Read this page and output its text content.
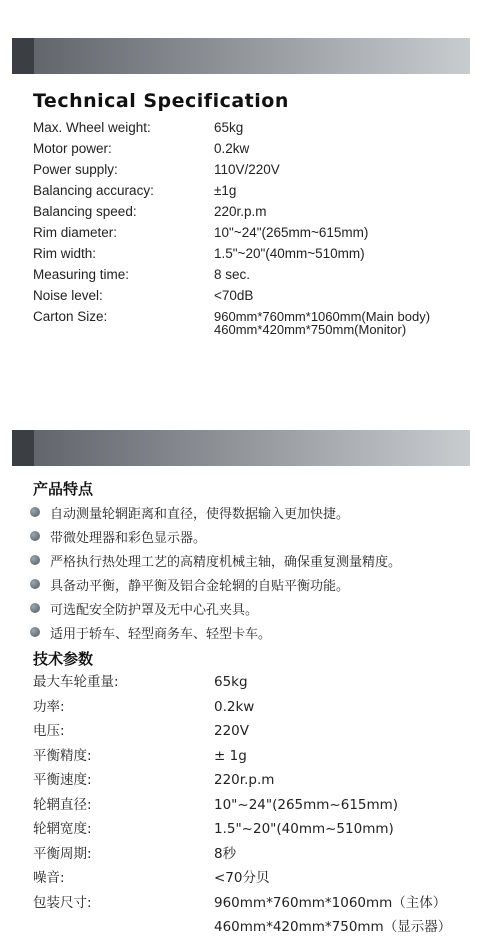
Technical Specification
Max. Wheel weight:	65kg
Motor power:	0.2kw
Power supply:	110V/220V
Balancing accuracy:	±1g
Balancing speed:	220r.p.m
Rim diameter:	10"~24"(265mm~615mm)
Rim width:	1.5"~20"(40mm~510mm)
Measuring time:	8 sec.
Noise level:	<70dB
Carton Size:	960mm*760mm*1060mm(Main body)
460mm*420mm*750mm(Monitor)
产品特点
自动测量轮辋距离和直径，使得数据输入更加快捷。
带微处理器和彩色显示器。
严格执行热处理工艺的高精度机械主轴，确保重复测量精度。
具备动平衡，静平衡及铝合金轮辋的自贴平衡功能。
可选配安全防护罩及无中心孔夹具。
适用于轿车、轻型商务车、轻型卡车。
技术参数
最大车轮重量:	65kg
功率:	0.2kw
电压:	220V
平衡精度:	± 1g
平衡速度:	220r.p.m
轮辋直径:	10"~24"(265mm~615mm)
轮辋宽度:	1.5"~20"(40mm~510mm)
平衡周期:	8秒
噪音:	<70分贝
包装尺寸:	960mm*760mm*1060mm（主体）
460mm*420mm*750mm（显示器）
